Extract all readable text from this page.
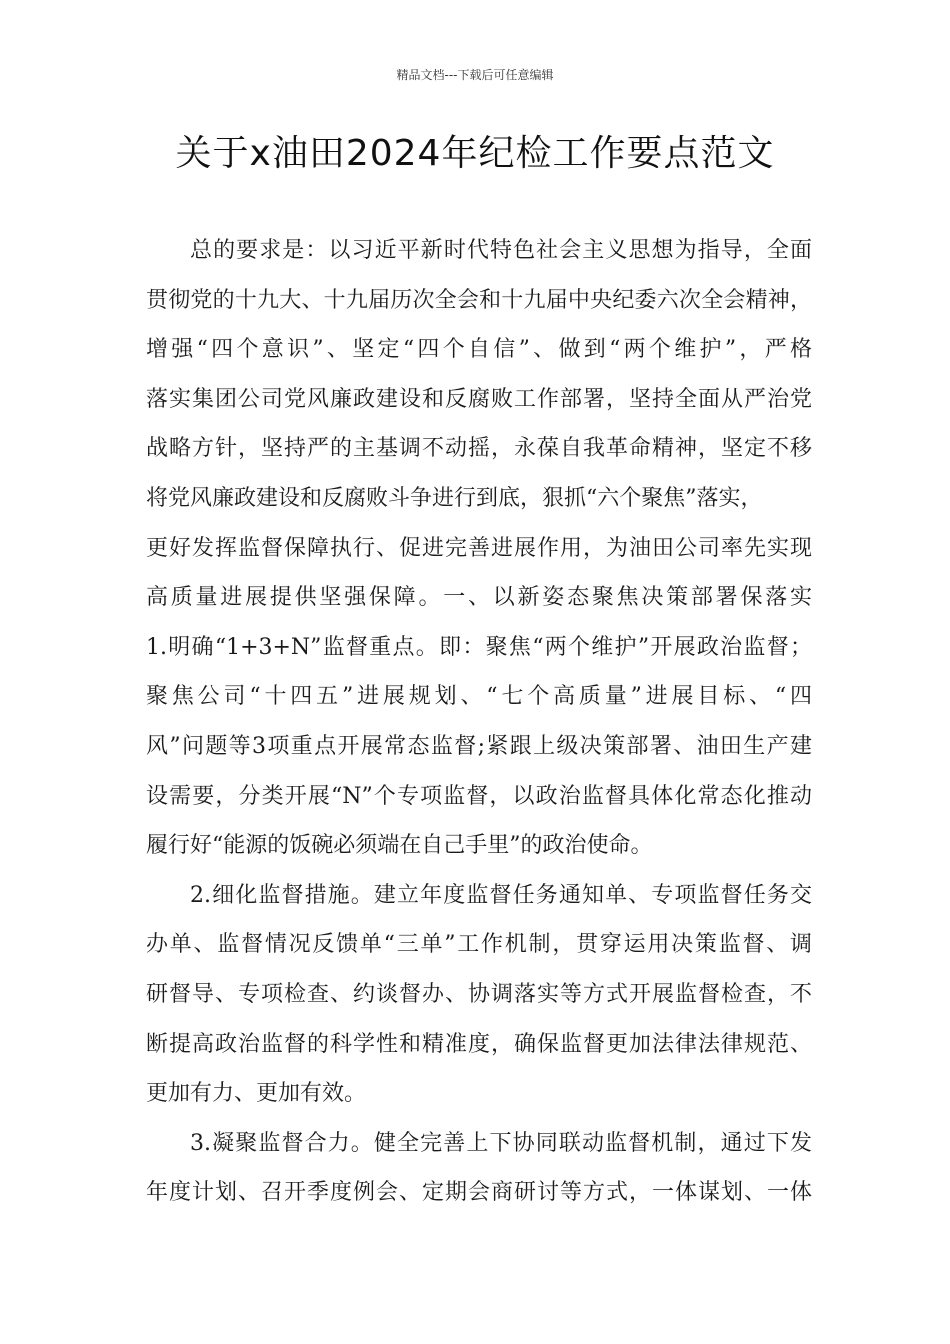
精品文档---下载后可任意编辑
关于x油田2024年纪检工作要点范文
总的要求是：以习近平新时代特色社会主义思想为指导，全面
贯彻党的十九大、十九届历次全会和十九届中央纪委六次全会精神，
增强“四个意识”、坚定“四个自信”、做到“两个维护”，严格
落实集团公司党风廉政建设和反腐败工作部署，坚持全面从严治党
战略方针，坚持严的主基调不动摇，永葆自我革命精神，坚定不移
将党风廉政建设和反腐败斗争进行到底，狠抓“六个聚焦”落实，
更好发挥监督保障执行、促进完善进展作用，为油田公司率先实现
高质量进展提供坚强保障。一、以新姿态聚焦决策部署保落实
1.明确“1+3+N”监督重点。即：聚焦“两个维护”开展政治监督；
聚焦公司“十四五”进展规划、“七个高质量”进展目标、“四
风”问题等3项重点开展常态监督;紧跟上级决策部署、油田生产建
设需要，分类开展“N”个专项监督，以政治监督具体化常态化推动
履行好“能源的饭碗必须端在自己手里”的政治使命。
2.细化监督措施。建立年度监督任务通知单、专项监督任务交
办单、监督情况反馈单“三单”工作机制，贯穿运用决策监督、调
研督导、专项检查、约谈督办、协调落实等方式开展监督检查，不
断提高政治监督的科学性和精准度，确保监督更加法律法律规范、
更加有力、更加有效。
3.凝聚监督合力。健全完善上下协同联动监督机制，通过下发
年度计划、召开季度例会、定期会商研讨等方式，一体谋划、一体
